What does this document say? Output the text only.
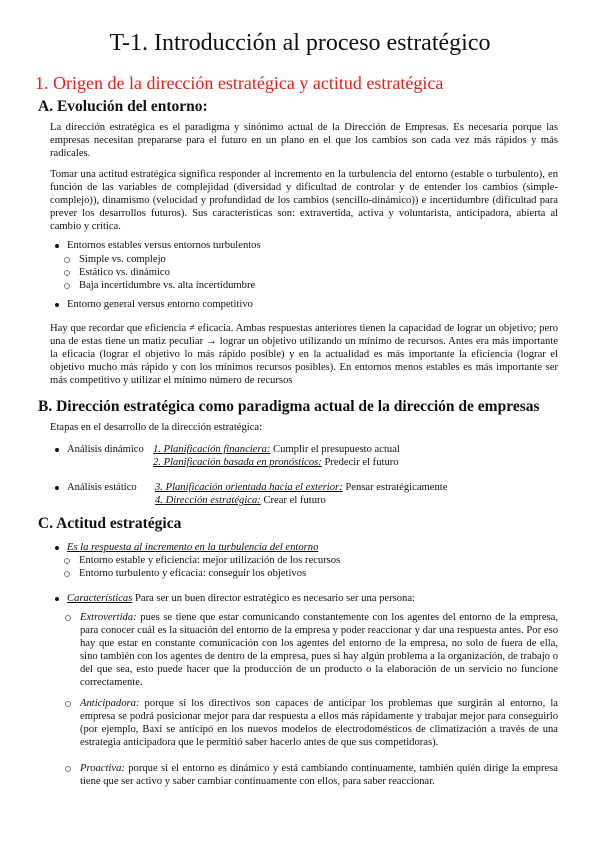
T-1. Introducción al proceso estratégico
1. Origen de la dirección estratégica y actitud estratégica
A. Evolución del entorno:
La dirección estratégica es el paradigma y sinónimo actual de la Dirección de Empresas. Es necesaria porque las empresas necesitan prepararse para el futuro en un plano en el que los cambios son cada vez más rápidos y más radicales.
Tomar una actitud estratégica significa responder al incremento en la turbulencia del entorno (estable o turbulento), en función de las variables de complejidad (diversidad y dificultad de controlar y de entender los cambios (simple-complejo)), dinamismo (velocidad y profundidad de los cambios (sencillo-dinámico)) e incertidumbre (dificultad para prever los desarrollos futuros). Sus características son: extravertida, activa y voluntarista, anticipadora, abierta al cambio y crítica.
Entornos estables versus entornos turbulentos
Simple vs. complejo
Estático vs. dinámico
Baja incertidumbre vs. alta incertidumbre
Entorno general versus entorno competitivo
Hay que recordar que eficiencia ≠ eficacia. Ambas respuestas anteriores tienen la capacidad de lograr un objetivo; pero una de estas tiene un matiz peculiar → lograr un objetivo utilizando un mínimo de recursos. Antes era más importante la eficacia (lograr el objetivo lo más rápido posible) y en la actualidad es más importante la eficiencia (lograr el objetivo mucho más rápido y con los mínimos recursos posibles). En entornos menos estables es más importante ser más competitivo y utilizar el mínimo número de recursos
B. Dirección estratégica como paradigma actual de la dirección de empresas
Etapas en el desarrollo de la dirección estratégica:
Análisis dinámico 1. Planificación financiera: Cumplir el presupuesto actual
2. Planificación basada en pronósticos: Predecir el futuro
Análisis estático 3. Planificación orientada hacia el exterior: Pensar estratégicamente
4. Dirección estratégica: Crear el futuro
C. Actitud estratégica
Es la respuesta al incremento en la turbulencia del entorno
Entorno estable y eficiencia: mejor utilización de los recursos
Entorno turbulento y eficacia: conseguir los objetivos
Características Para ser un buen director estratégico es necesario ser una persona:
Extrovertida: pues se tiene que estar comunicando constantemente con los agentes del entorno de la empresa, para conocer cuál es la situación del entorno de la empresa y poder reaccionar y dar una respuesta antes. Por eso hay que estar en constante comunicación con los agentes del entorno de la empresa, no solo de fuera de ella, sino también con los agentes de dentro de la empresa, pues si hay algún problema a la organización, de trabajo o del que sea, esto puede hacer que la producción de un producto o la elaboración de un servicio no funcione correctamente.
Anticipadora: porque si los directivos son capaces de anticipar los problemas que surgirán al entorno, la empresa se podrá posicionar mejor para dar respuesta a ellos más rápidamente y trabajar mejor para conseguirlo (por ejemplo, Baxi se anticipó en los nuevos modelos de electrodomésticos de climatización a través de una estrategia anticipadora que le permitió saber hacerlo antes de que sus competidoras).
Proactiva: porque si el entorno es dinámico y está cambiando continuamente, también quién dirige la empresa tiene que ser activo y saber cambiar continuamente con ellos, para saber reaccionar.
